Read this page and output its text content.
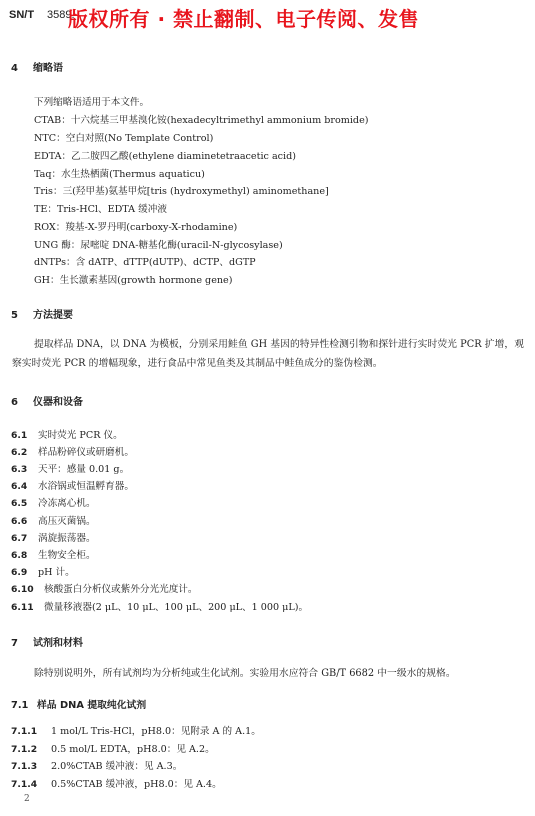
SN/T 3589.
版权所有 · 禁止翻制、电子传阅、发售
4 缩略语
下列缩略语适用于本文件。
CTAB：十六烷基三甲基溴化铵(hexadecyltrimethyl ammonium bromide)
NTC：空白对照(No Template Control)
EDTA：乙二胺四乙酸(ethylene diaminetetraacetic acid)
Taq：水生热栖菌(Thermus aquaticu)
Tris：三(羟甲基)氨基甲烷[tris (hydroxymethyl) aminomethane]
TE：Tris-HCl、EDTA 缓冲液
ROX：羧基-X-罗丹明(carboxy-X-rhodamine)
UNG 酶：尿嘧啶 DNA-糖基化酶(uracil-N-glycosylase)
dNTPs：含 dATP、dTTP(dUTP)、dCTP、dGTP
GH：生长激素基因(growth hormone gene)
5 方法提要
提取样品 DNA，以 DNA 为模板，分别采用鲑鱼 GH 基因的特异性检测引物和探针进行实时荧光 PCR 扩增，观察实时荧光 PCR 的增幅现象，进行食品中常见鱼类及其制品中鲑鱼成分的鉴伪检测。
6 仪器和设备
6.1 实时荧光 PCR 仪。
6.2 样品粉碎仪或研磨机。
6.3 天平：感量 0.01 g。
6.4 水浴锅或恒温孵育器。
6.5 冷冻离心机。
6.6 高压灭菌锅。
6.7 涡旋振荡器。
6.8 生物安全柜。
6.9 pH 计。
6.10 核酸蛋白分析仪或紫外分光光度计。
6.11 微量移液器(2 μL、10 μL、100 μL、200 μL、1 000 μL)。
7 试剂和材料
除特别说明外，所有试剂均为分析纯或生化试剂。实验用水应符合 GB/T 6682 中一级水的规格。
7.1 样品 DNA 提取纯化试剂
7.1.1 1 mol/L Tris-HCl，pH8.0：见附录 A 的 A.1。
7.1.2 0.5 mol/L EDTA，pH8.0：见 A.2。
7.1.3 2.0%CTAB 缓冲液：见 A.3。
7.1.4 0.5%CTAB 缓冲液，pH8.0：见 A.4。
2
